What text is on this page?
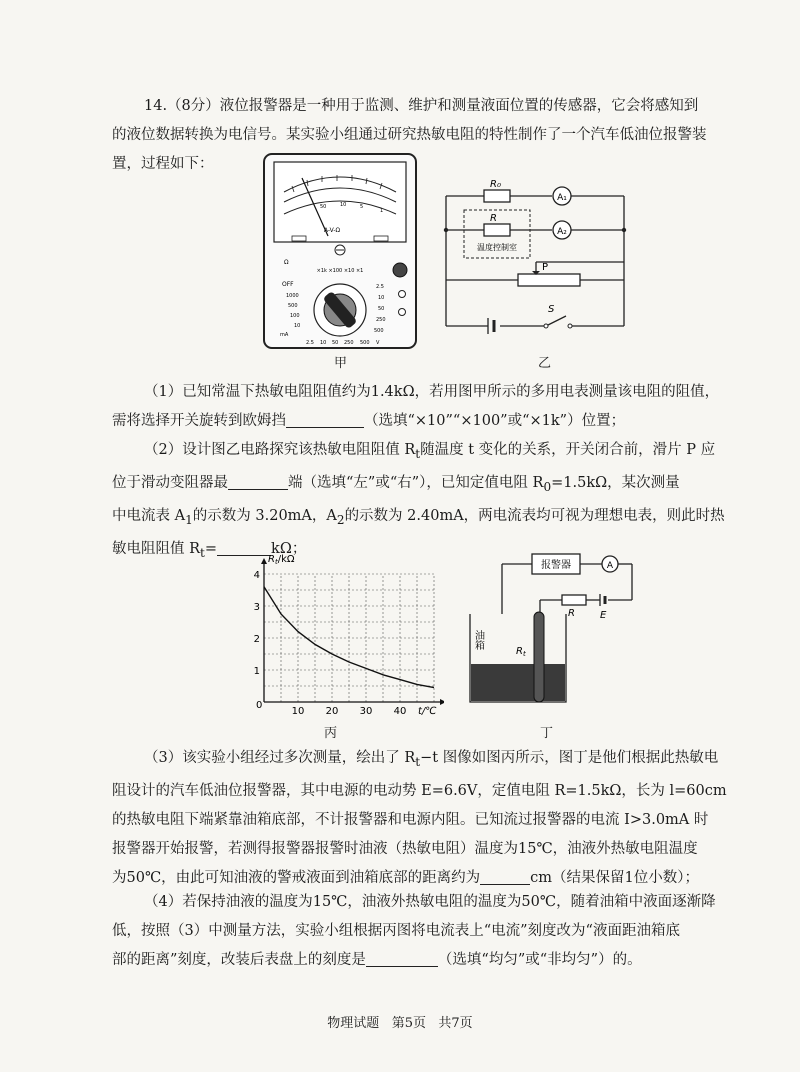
14.（8分）液位报警器是一种用于监测、维护和测量液面位置的传感器，它会将感知到
的液位数据转换为电信号。某实验小组通过研究热敏电阻的特性制作了一个汽车低油位报警装
置，过程如下：
A-V-Ω
50	10	5
1
Ω
×1k ×100 ×10 ×1
OFF
1000
500
100
10
mA
2.5
10
50
250
500
2.5 10 50 250 500 V
甲
R₀
R
A₁
A₂
温度控制室
P
S
乙
（1）已知常温下热敏电阻阻值约为1.4kΩ，若用图甲所示的多用电表测量该电阻的阻值，
需将选择开关旋转到欧姆挡	（选填“×10”“×100”或“×1k”）位置；
（2）设计图乙电路探究该热敏电阻阻值 $R_t$随温度 t 变化的关系，开关闭合前，滑片 P 应
位于滑动变阻器最	端（选填“左”或“右”），已知定值电阻 $R_0=1.5k\Omega$，某次测量
中电流表 $A_1$的示数为 3.20mA，$A_2$的示数为 2.40mA，两电流表均可视为理想电表，则此时热
敏电阻阻值 $R_t=$	kΩ；
10 20 30 40
1
2
3
4
$R_t/k\Omega$
t/℃
0
丙
报警器	A
R	E
油箱
$R_t$
丁
（3）该实验小组经过多次测量，绘出了 $R_t-t$ 图像如图丙所示，图丁是他们根据此热敏电
阻设计的汽车低油位报警器，其中电源的电动势 E=6.6V，定值电阻 R=1.5kΩ，长为 l=60cm
的热敏电阻下端紧靠油箱底部，不计报警器和电源内阻。已知流过报警器的电流 I>3.0mA 时
报警器开始报警，若测得报警器报警时油液（热敏电阻）温度为15℃，油液外热敏电阻温度
为50℃，由此可知油液的警戒液面到油箱底部的距离约为	cm（结果保留1位小数）；
（4）若保持油液的温度为15℃，油液外热敏电阻的温度为50℃，随着油箱中液面逐渐降
低，按照（3）中测量方法，实验小组根据丙图将电流表上“电流”刻度改为“液面距油箱底
部的距离”刻度，改装后表盘上的刻度是	（选填“均匀”或“非均匀”）的。
物理试题 第5页 共7页
